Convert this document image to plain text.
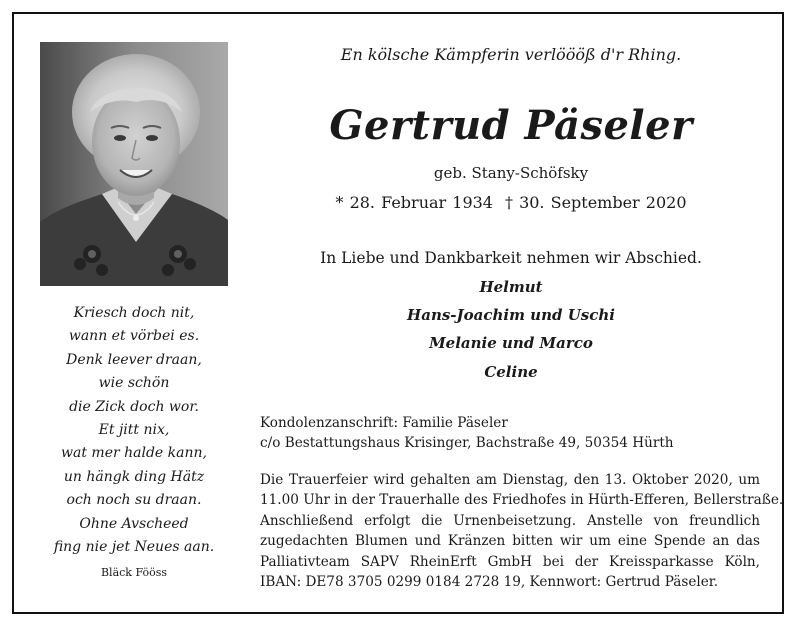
Kriesch doch nit,
wann et vörbei es.
Denk leever draan,
wie schön
die Zick doch wor.
Et jitt nix,
wat mer halde kann,
un hängk ding Hätz
och noch su draan.
Ohne Avscheed
fing nie jet Neues aan.
Bläck Fööss
En kölsche Kämpferin verlöööß d'r Rhing.
Gertrud Päseler
geb. Stany-Schöfsky
* 28. Februar 1934 † 30. September 2020
In Liebe und Dankbarkeit nehmen wir Abschied.
Helmut
Hans-Joachim und Uschi
Melanie und Marco
Celine
Kondolenzanschrift: Familie Päseler
c/o Bestattungshaus Krisinger, Bachstraße 49, 50354 Hürth
Die Trauerfeier wird gehalten am Dienstag, den 13. Oktober 2020, um
11.00 Uhr in der Trauerhalle des Friedhofes in Hürth-Efferen, Bellerstraße.
Anschließend erfolgt die Urnenbeisetzung. Anstelle von freundlich
zugedachten Blumen und Kränzen bitten wir um eine Spende an das
Palliativteam SAPV RheinErft GmbH bei der Kreissparkasse Köln,
IBAN: DE78 3705 0299 0184 2728 19, Kennwort: Gertrud Päseler.
